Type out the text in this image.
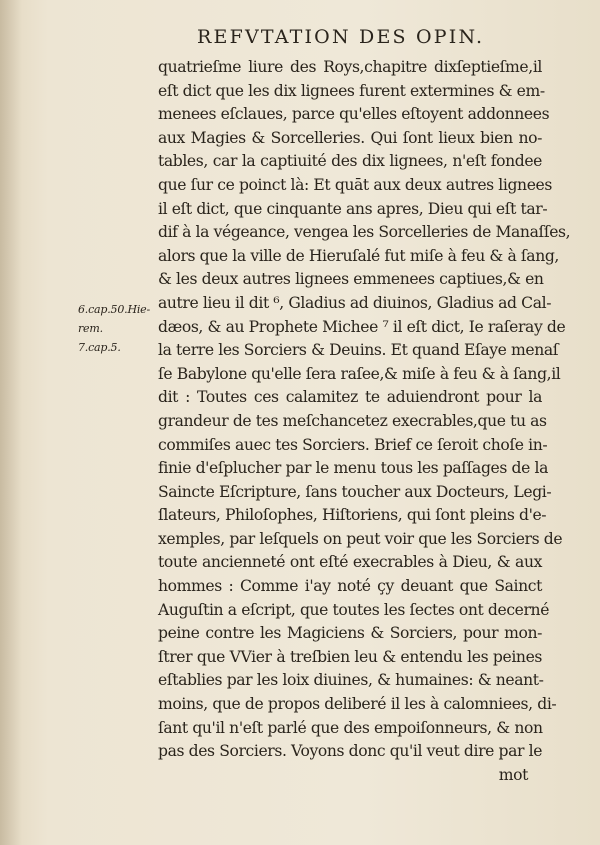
REFVTATION DES OPIN.
6.cap.50.Hie-
rem.
7.cap.5.
quatrieſme liure des Roys,chapitre dixſeptieſme,il
eſt dict que les dix lignees furent extermines & em-
menees eſclaues, parce qu'elles eſtoyent addonnees
aux Magies & Sorcelleries. Qui ſont lieux bien no-
tables, car la captiuité des dix lignees, n'eſt fondee
que ſur ce poinct là: Et quāt aux deux autres lignees
il eſt dict, que cinquante ans apres, Dieu qui eſt tar-
dif à la végeance, vengea les Sorcelleries de Manaſſes,
alors que la ville de Hieruſalé fut miſe à feu & à ſang,
& les deux autres lignees emmenees captiues,& en
autre lieu il dit ⁶, Gladius ad diuinos, Gladius ad Cal-
dæos, & au Prophete Michee ⁷ il eſt dict, Ie raſeray de
la terre les Sorciers & Deuins. Et quand Eſaye menaſ
ſe Babylone qu'elle ſera raſee,& miſe à feu & à ſang,il
dit : Toutes ces calamitez te aduiendront pour la
grandeur de tes meſchancetez execrables,que tu as
commiſes auec tes Sorciers. Brief ce ſeroit choſe in-
finie d'eſplucher par le menu tous les paſſages de la
Saincte Eſcripture, ſans toucher aux Docteurs, Legi-
ſlateurs, Philoſophes, Hiſtoriens, qui ſont pleins d'e-
xemples, par leſquels on peut voir que les Sorciers de
toute ancienneté ont eſté execrables à Dieu, & aux
hommes : Comme i'ay noté çy deuant que Sainct
Auguſtin a eſcript, que toutes les ſectes ont decerné
peine contre les Magiciens & Sorciers, pour mon-
ſtrer que VVier à treſbien leu & entendu les peines
eſtablies par les loix diuines, & humaines: & neant-
moins, que de propos deliberé il les à calomniees, di-
ſant qu'il n'eſt parlé que des empoiſonneurs, & non
pas des Sorciers. Voyons donc qu'il veut dire par le
mot
